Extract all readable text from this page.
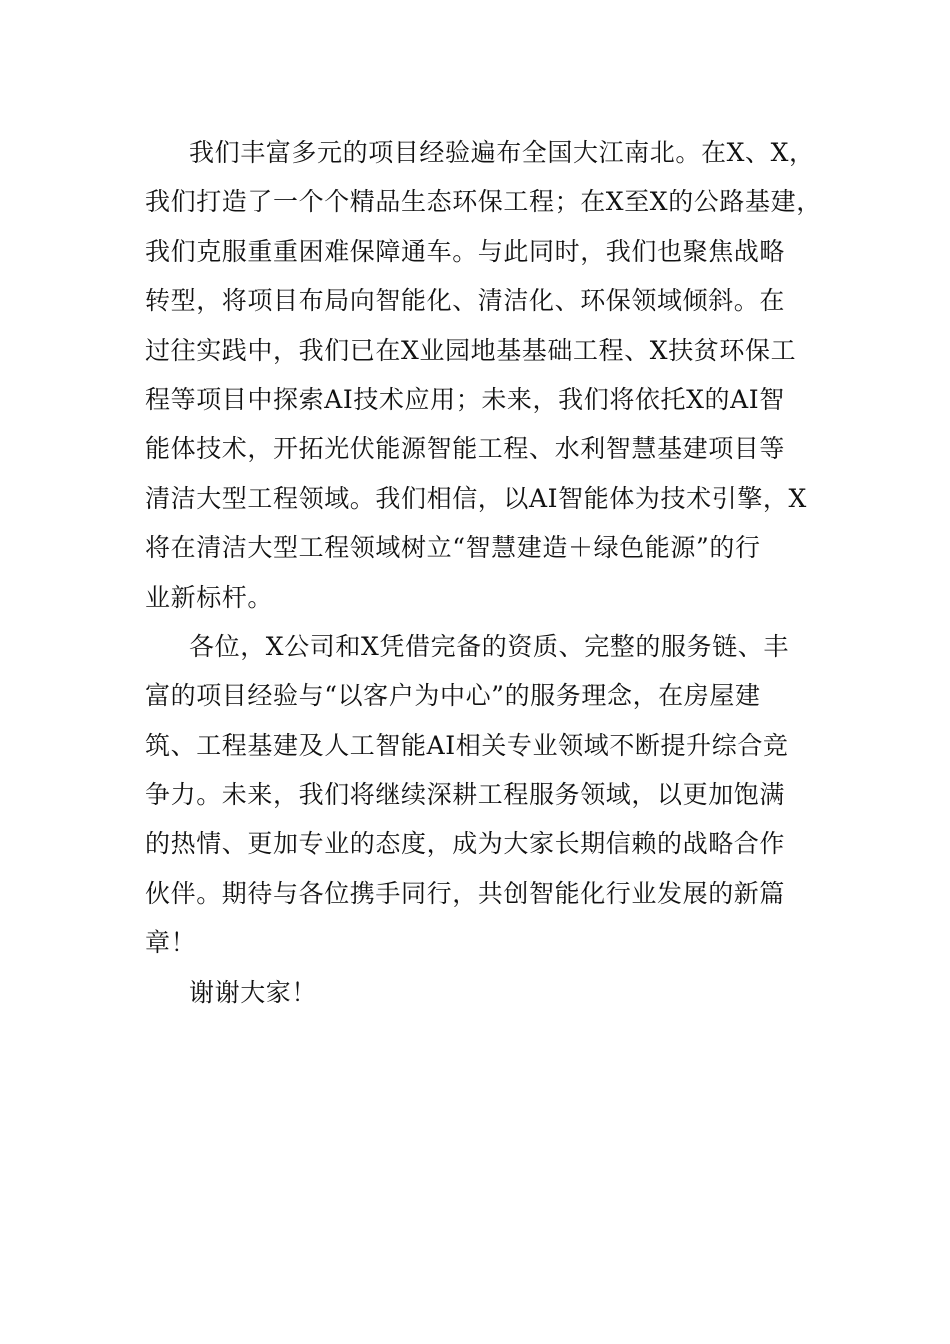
我们丰富多元的项目经验遍布全国大江南北。在X、X，
我们打造了一个个精品生态环保工程；在X至X的公路基建，
我们克服重重困难保障通车。与此同时，我们也聚焦战略
转型，将项目布局向智能化、清洁化、环保领域倾斜。在
过往实践中，我们已在X业园地基基础工程、X扶贫环保工
程等项目中探索AI技术应用；未来，我们将依托X的AI智
能体技术，开拓光伏能源智能工程、水利智慧基建项目等
清洁大型工程领域。我们相信，以AI智能体为技术引擎，X
将在清洁大型工程领域树立“智慧建造＋绿色能源”的行
业新标杆。
各位，X公司和X凭借完备的资质、完整的服务链、丰
富的项目经验与“以客户为中心”的服务理念，在房屋建
筑、工程基建及人工智能AI相关专业领域不断提升综合竞
争力。未来，我们将继续深耕工程服务领域，以更加饱满
的热情、更加专业的态度，成为大家长期信赖的战略合作
伙伴。期待与各位携手同行，共创智能化行业发展的新篇
章！
谢谢大家！
